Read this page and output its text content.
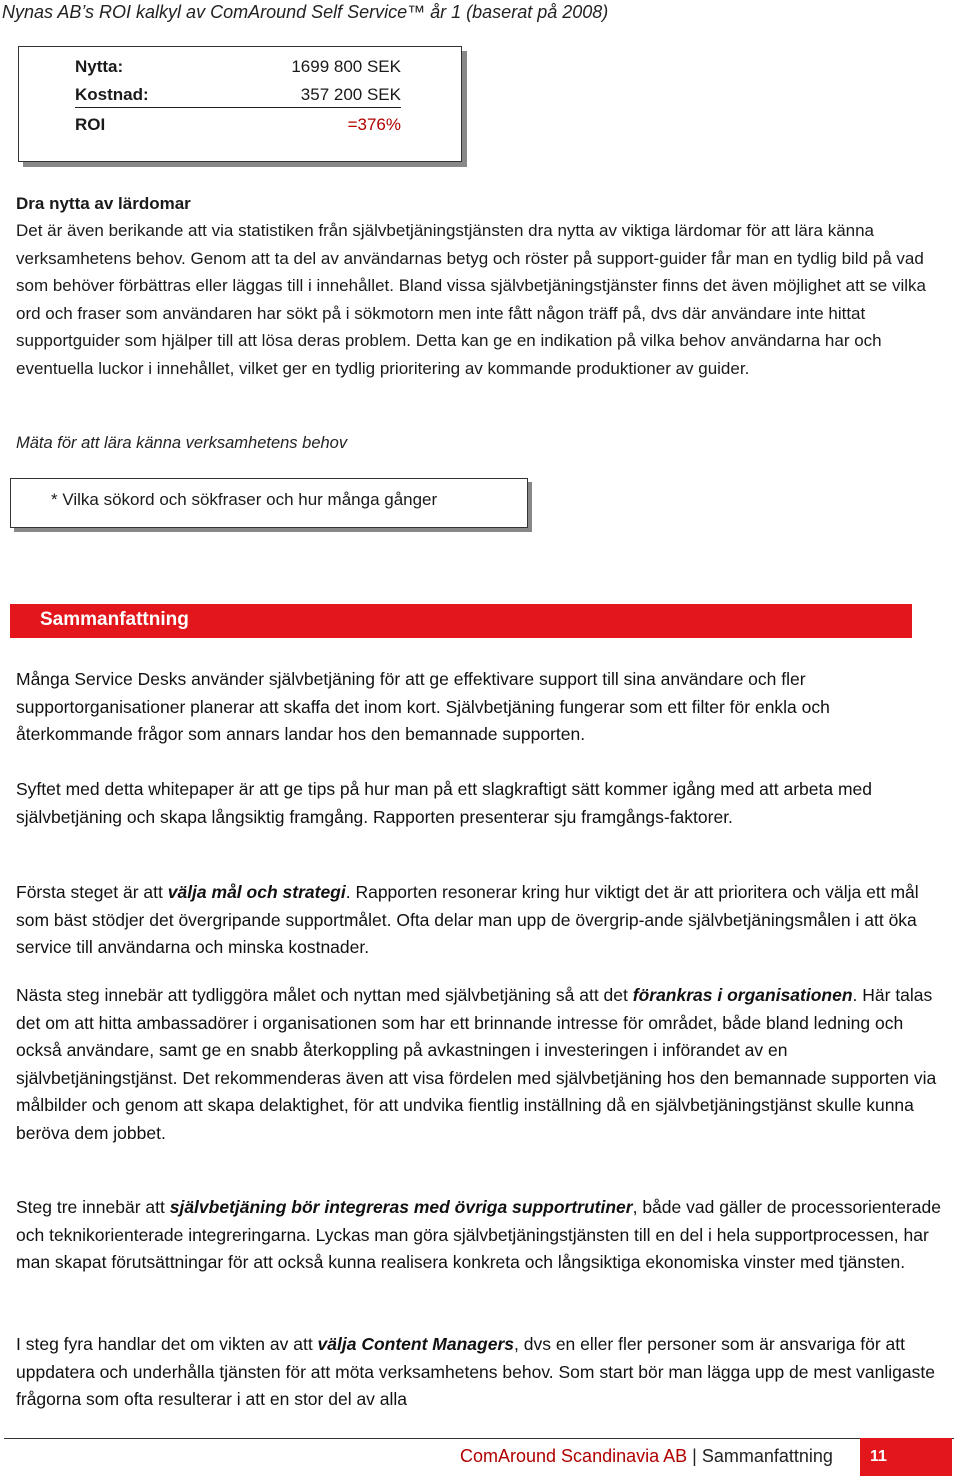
Nynas AB’s ROI kalkyl av ComAround Self Service™ år 1 (baserat på 2008)
Nytta:	1699 800 SEK
Kostnad:	357 200 SEK
ROI	=376%
Dra nytta av lärdomar
Det är även berikande att via statistiken från självbetjäningstjänsten dra nytta av viktiga lärdomar för att lära känna verksamhetens behov. Genom att ta del av användarnas betyg och röster på support-guider får man en tydlig bild på vad som behöver förbättras eller läggas till i innehållet. Bland vissa självbetjäningstjänster finns det även möjlighet att se vilka ord och fraser som användaren har sökt på i sökmotorn men inte fått någon träff på, dvs där användare inte hittat supportguider som hjälper till att lösa deras problem. Detta kan ge en indikation på vilka behov användarna har och eventuella luckor i innehållet, vilket ger en tydlig prioritering av kommande produktioner av guider.
Mäta för att lära känna verksamhetens behov
* Vilka sökord och sökfraser och hur många gånger
Sammanfattning
Många Service Desks använder självbetjäning för att ge effektivare support till sina användare och fler supportorganisationer planerar att skaffa det inom kort. Självbetjäning fungerar som ett filter för enkla och återkommande frågor som annars landar hos den bemannade supporten.
Syftet med detta whitepaper är att ge tips på hur man på ett slagkraftigt sätt kommer igång med att arbeta med självbetjäning och skapa långsiktig framgång. Rapporten presenterar sju framgångs-faktorer.
Första steget är att välja mål och strategi. Rapporten resonerar kring hur viktigt det är att prioritera och välja ett mål som bäst stödjer det övergripande supportmålet. Ofta delar man upp de övergrip-ande självbetjäningsmålen i att öka service till användarna och minska kostnader.
Nästa steg innebär att tydliggöra målet och nyttan med självbetjäning så att det förankras i organisationen. Här talas det om att hitta ambassadörer i organisationen som har ett brinnande intresse för området, både bland ledning och också användare, samt ge en snabb återkoppling på avkastningen i investeringen i införandet av en självbetjäningstjänst. Det rekommenderas även att visa fördelen med självbetjäning hos den bemannade supporten via målbilder och genom att skapa delaktighet, för att undvika fientlig inställning då en självbetjäningstjänst skulle kunna beröva dem jobbet.
Steg tre innebär att självbetjäning bör integreras med övriga supportrutiner, både vad gäller de processorienterade och teknikorienterade integreringarna. Lyckas man göra självbetjäningstjänsten till en del i hela supportprocessen, har man skapat förutsättningar för att också kunna realisera konkreta och långsiktiga ekonomiska vinster med tjänsten.
I steg fyra handlar det om vikten av att välja Content Managers, dvs en eller fler personer som är ansvariga för att uppdatera och underhålla tjänsten för att möta verksamhetens behov. Som start bör man lägga upp de mest vanligaste frågorna som ofta resulterar i att en stor del av alla
ComAround Scandinavia AB | Sammanfattning 11
